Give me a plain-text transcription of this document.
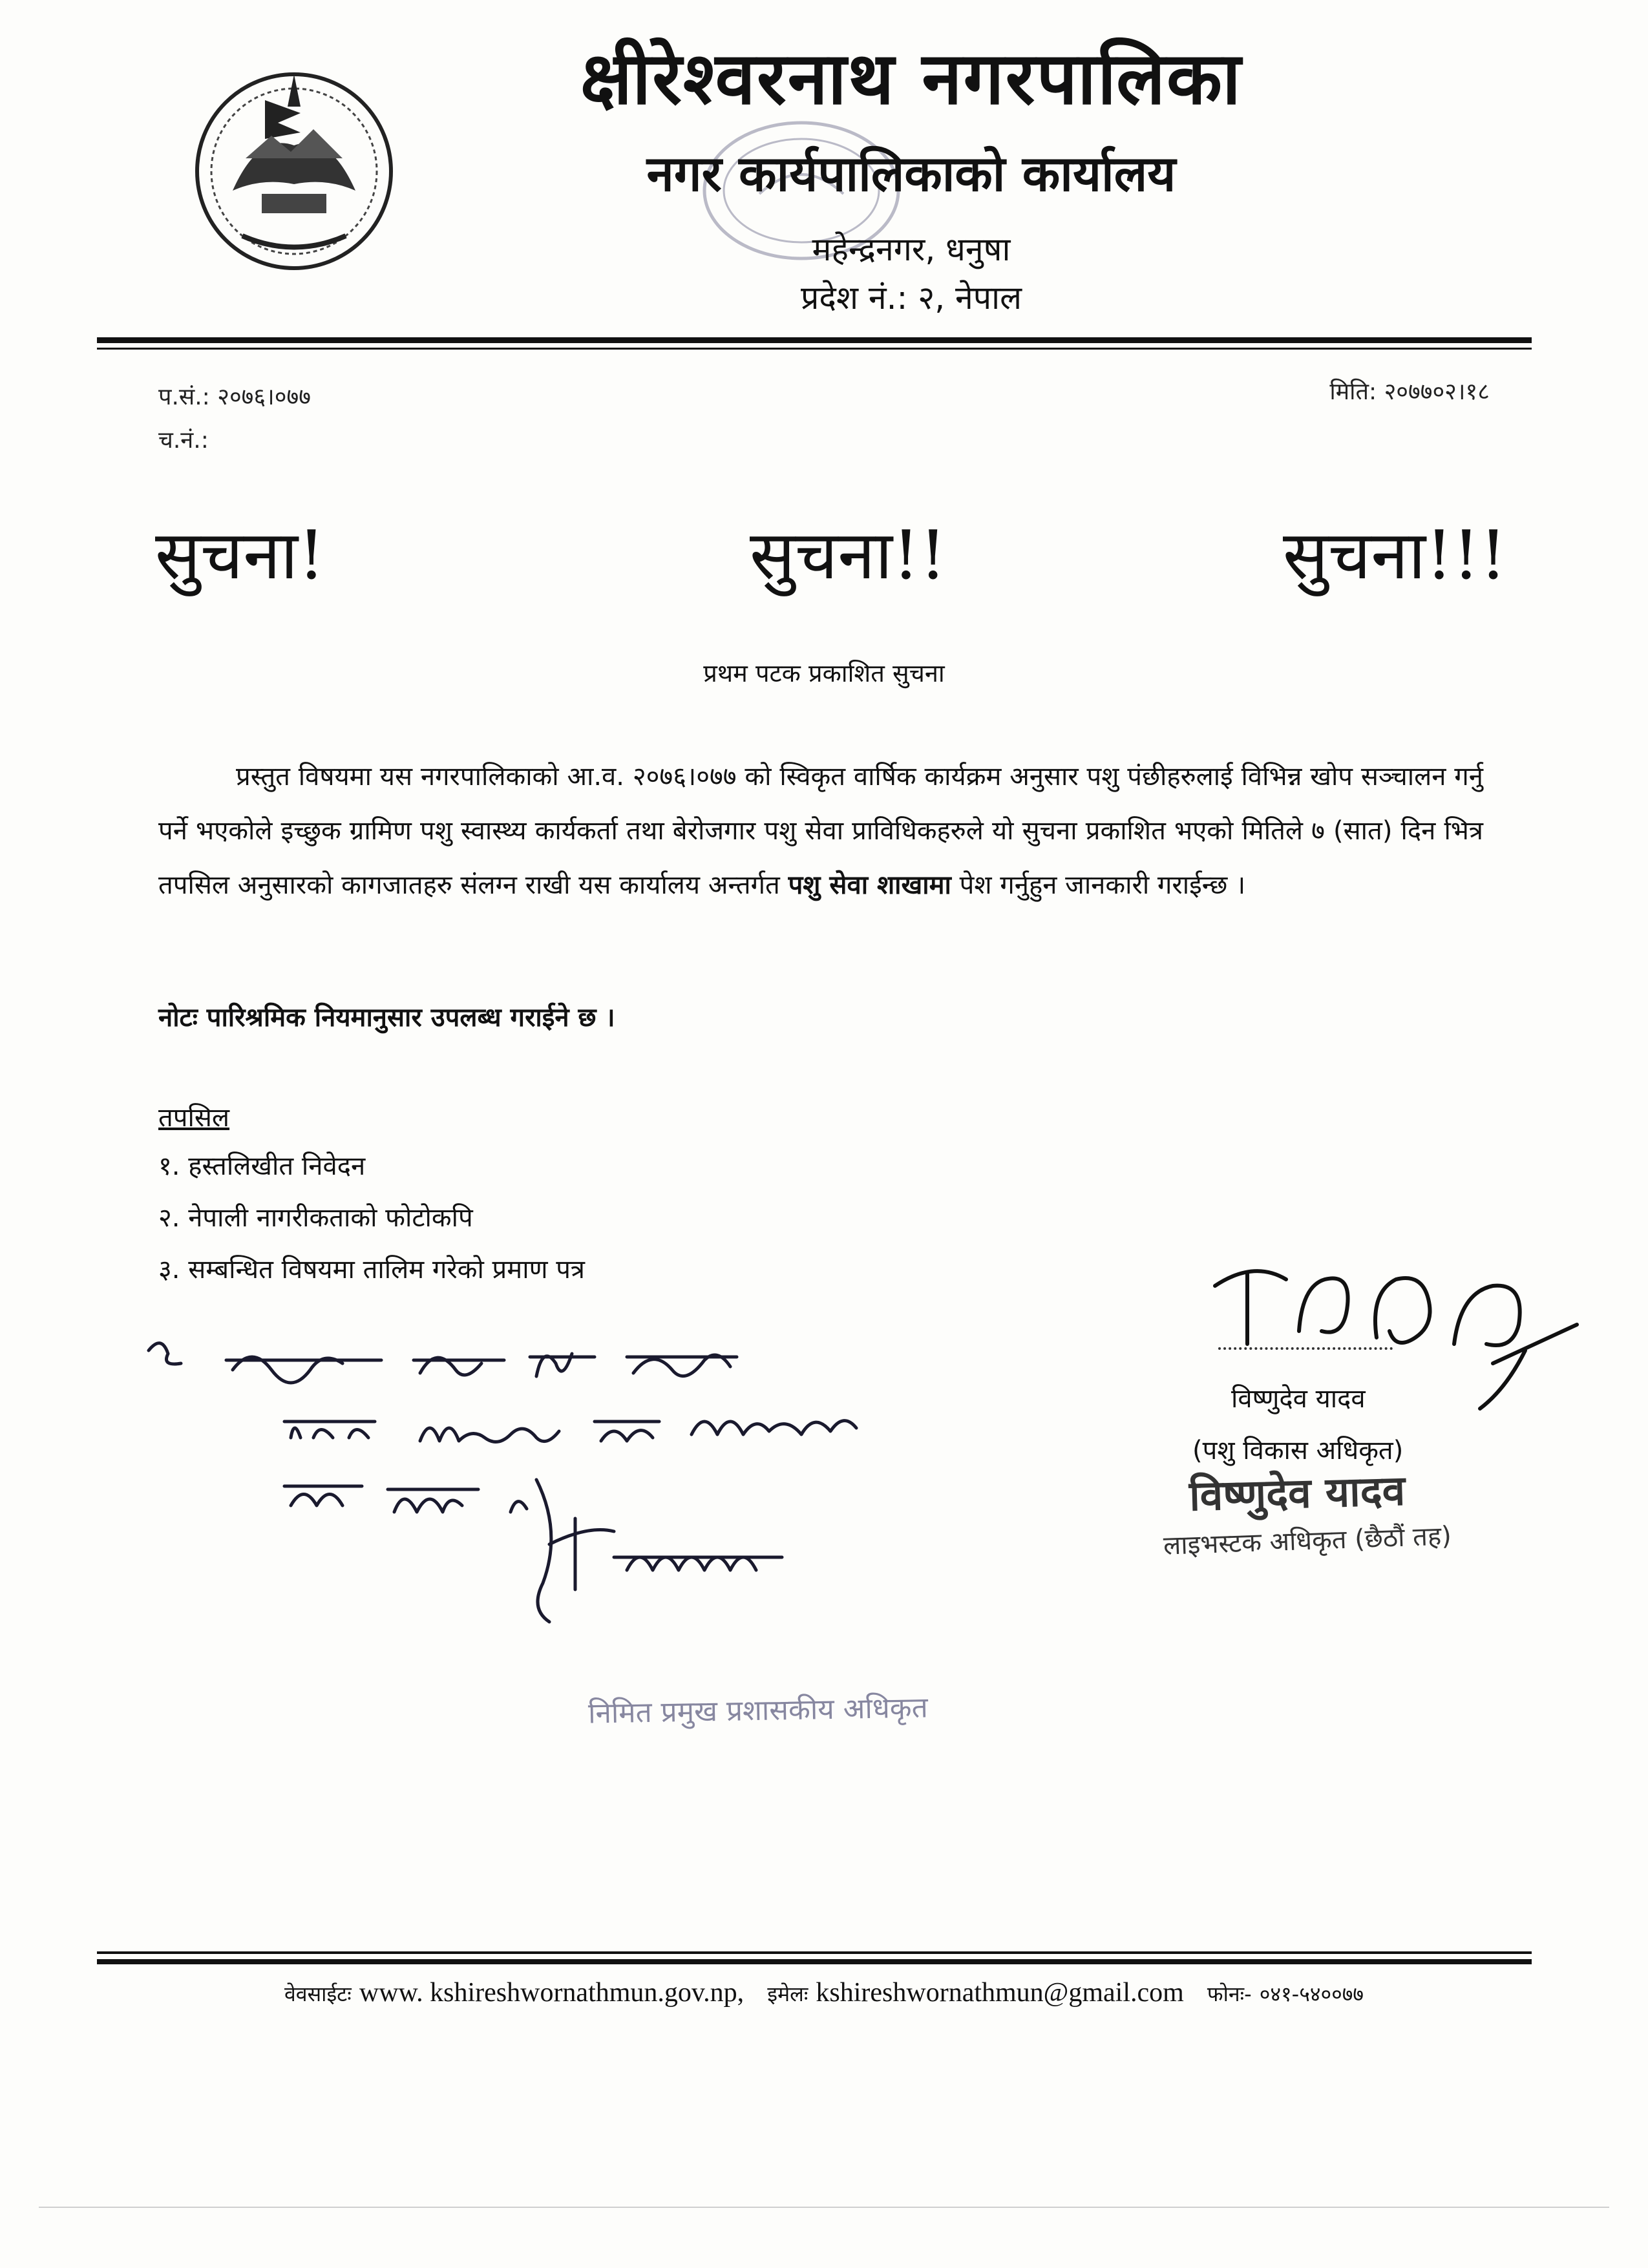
क्षीरेश्वरनाथ नगरपालिका
नगर कार्यपालिकाको कार्यालय
महेन्द्रनगर, धनुषा
प्रदेश नं.: २, नेपाल
प.सं.: २०७६।०७७
च.नं.:
मिति: २०७७०२।१८
सुचना!	सुचना!!	सुचना!!!
प्रथम पटक प्रकाशित सुचना
प्रस्तुत विषयमा यस नगरपालिकाको आ.व. २०७६।०७७ को स्विकृत वार्षिक कार्यक्रम अनुसार पशु पंछीहरुलाई विभिन्न खोप सञ्चालन गर्नु पर्ने भएकोले इच्छुक ग्रामिण पशु स्वास्थ्य कार्यकर्ता तथा बेरोजगार पशु सेवा प्राविधिकहरुले यो सुचना प्रकाशित भएको मितिले ७ (सात) दिन भित्र तपसिल अनुसारको कागजातहरु संलग्न राखी यस कार्यालय अन्तर्गत पशु सेवा शाखामा पेश गर्नुहुन जानकारी गराईन्छ ।
नोटः पारिश्रमिक नियमानुसार उपलब्ध गराईने छ ।
तपसिल
१. हस्तलिखीत निवेदन
२. नेपाली नागरीकताको फोटोकपि
३. सम्बन्धित विषयमा तालिम गरेको प्रमाण पत्र
निमित प्रमुख प्रशासकीय अधिकृत
विष्णुदेव यादव
(पशु विकास अधिकृत)
विष्णुदेव यादव
लाइभस्टक अधिकृत (छैठौं तह)
वेवसाईटः www. kshireshwornathmun.gov.np, इमेलः kshireshwornathmun@gmail.com फोनः- ०४१-५४००७७
